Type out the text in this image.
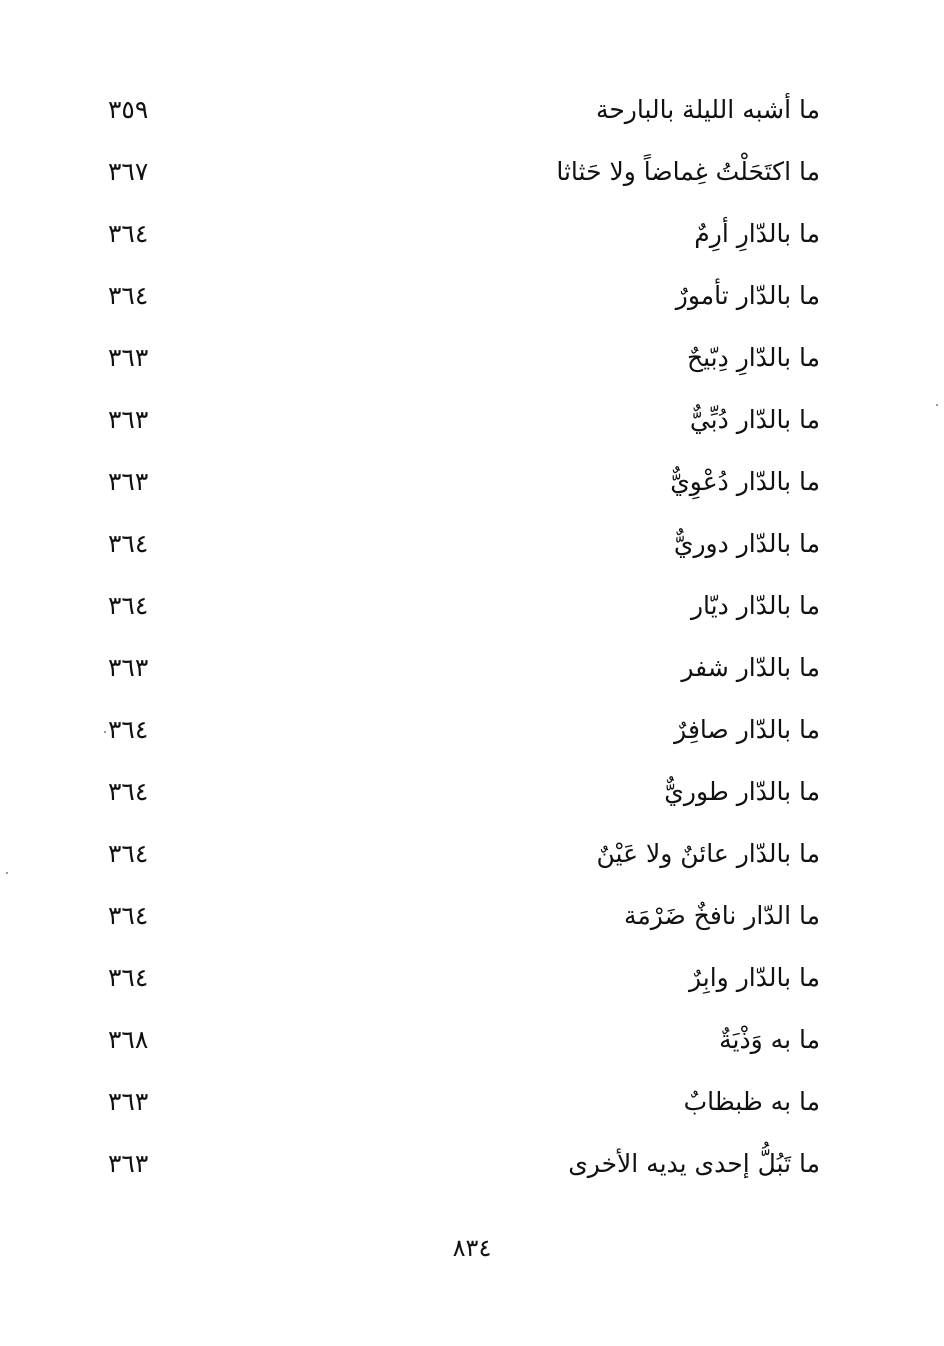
ما أشبه الليلة بالبارحة
٣٥٩
ما اكتَحَلْتُ غِماضاً ولا حَثاثا
٣٦٧
ما بالدّارِ أرِمٌ
٣٦٤
ما بالدّار تأمورٌ
٣٦٤
ما بالدّارِ دِبّيحٌ
٣٦٣
ما بالدّار دُبِّيٌّ
٣٦٣
ما بالدّار دُعْوِيٌّ
٣٦٣
ما بالدّار دوريٌّ
٣٦٤
ما بالدّار ديّار
٣٦٤
ما بالدّار شفر
٣٦٣
ما بالدّار صافِرٌ
٣٦٤
ما بالدّار طوريٌّ
٣٦٤
ما بالدّار عائنٌ ولا عَيْنٌ
٣٦٤
ما الدّار نافخٌ ضَرْمَة
٣٦٤
ما بالدّار وابِرٌ
٣٦٤
ما به وَذْيَةٌ
٣٦٨
ما به ظبظابٌ
٣٦٣
ما تَبُلُّ إحدى يديه الأخرى
٣٦٣
٨٣٤
